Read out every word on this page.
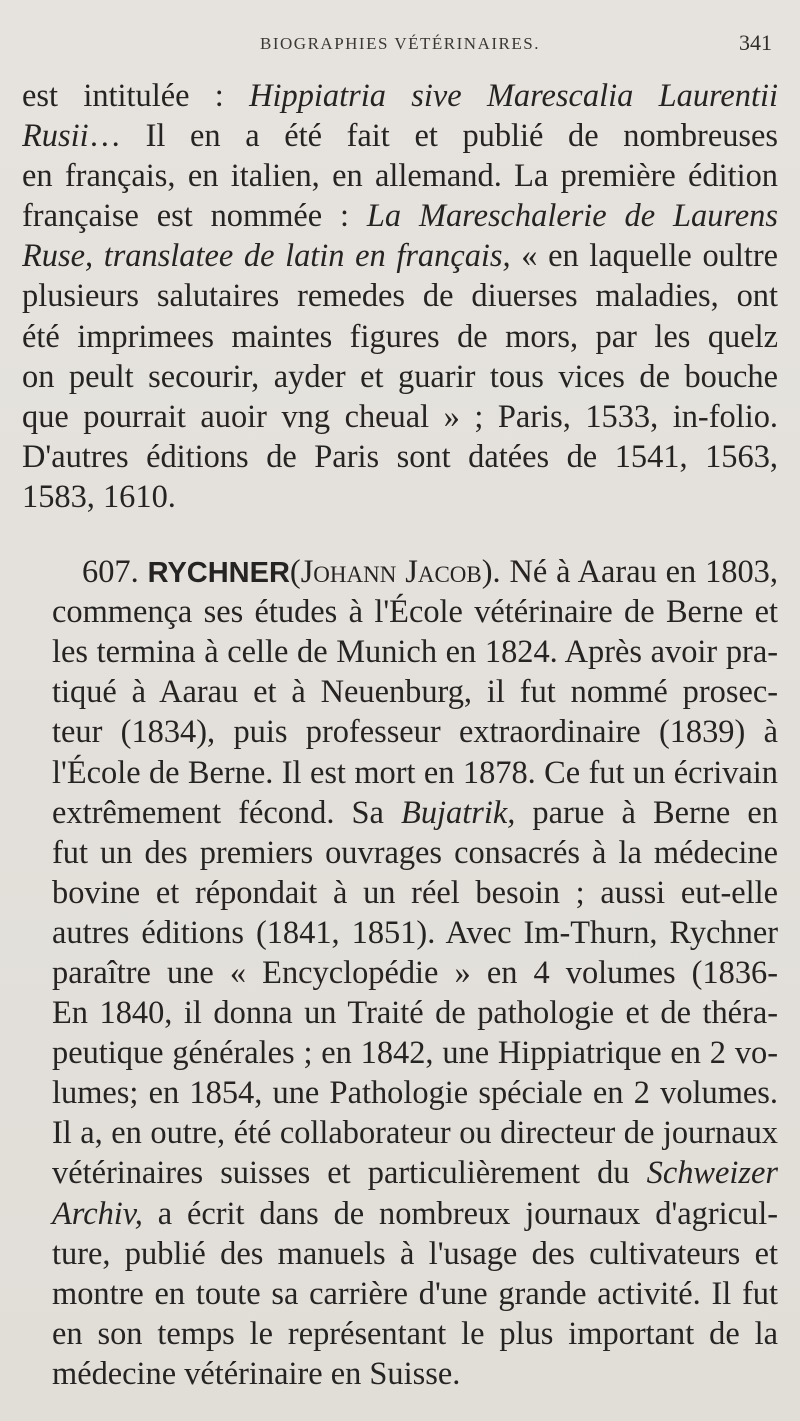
BIOGRAPHIES VÉTÉRINAIRES.	341
est intitulée : Hippiatria sive Marescalia Laurentii
Rusii… Il en a été fait et publié de nombreuses
en français, en italien, en allemand. La première édition
française est nommée : La Mareschalerie de Laurens
Ruse, translatee de latin en français, « en laquelle oultre
plusieurs salutaires remedes de diuerses maladies, ont
été imprimees maintes figures de mors, par les quelz
on peult secourir, ayder et guarir tous vices de bouche
que pourrait auoir vng cheual » ; Paris, 1533, in-folio.
D'autres éditions de Paris sont datées de 1541, 1563,
1583, 1610.
607. RYCHNER(Johann Jacob). Né à Aarau en 1803,
commença ses études à l'École vétérinaire de Berne et
les termina à celle de Munich en 1824. Après avoir pra-
tiqué à Aarau et à Neuenburg, il fut nommé prosec-
teur (1834), puis professeur extraordinaire (1839) à
l'École de Berne. Il est mort en 1878. Ce fut un écrivain
extrêmement fécond. Sa Bujatrik, parue à Berne en
fut un des premiers ouvrages consacrés à la médecine
bovine et répondait à un réel besoin ; aussi eut-elle
autres éditions (1841, 1851). Avec Im-Thurn, Rychner
paraître une « Encyclopédie » en 4 volumes (1836-
En 1840, il donna un Traité de pathologie et de théra-
peutique générales ; en 1842, une Hippiatrique en 2 vo-
lumes; en 1854, une Pathologie spéciale en 2 volumes.
Il a, en outre, été collaborateur ou directeur de journaux
vétérinaires suisses et particulièrement du Schweizer
Archiv, a écrit dans de nombreux journaux d'agricul-
ture, publié des manuels à l'usage des cultivateurs et
montre en toute sa carrière d'une grande activité. Il fut
en son temps le représentant le plus important de la
médecine vétérinaire en Suisse.
